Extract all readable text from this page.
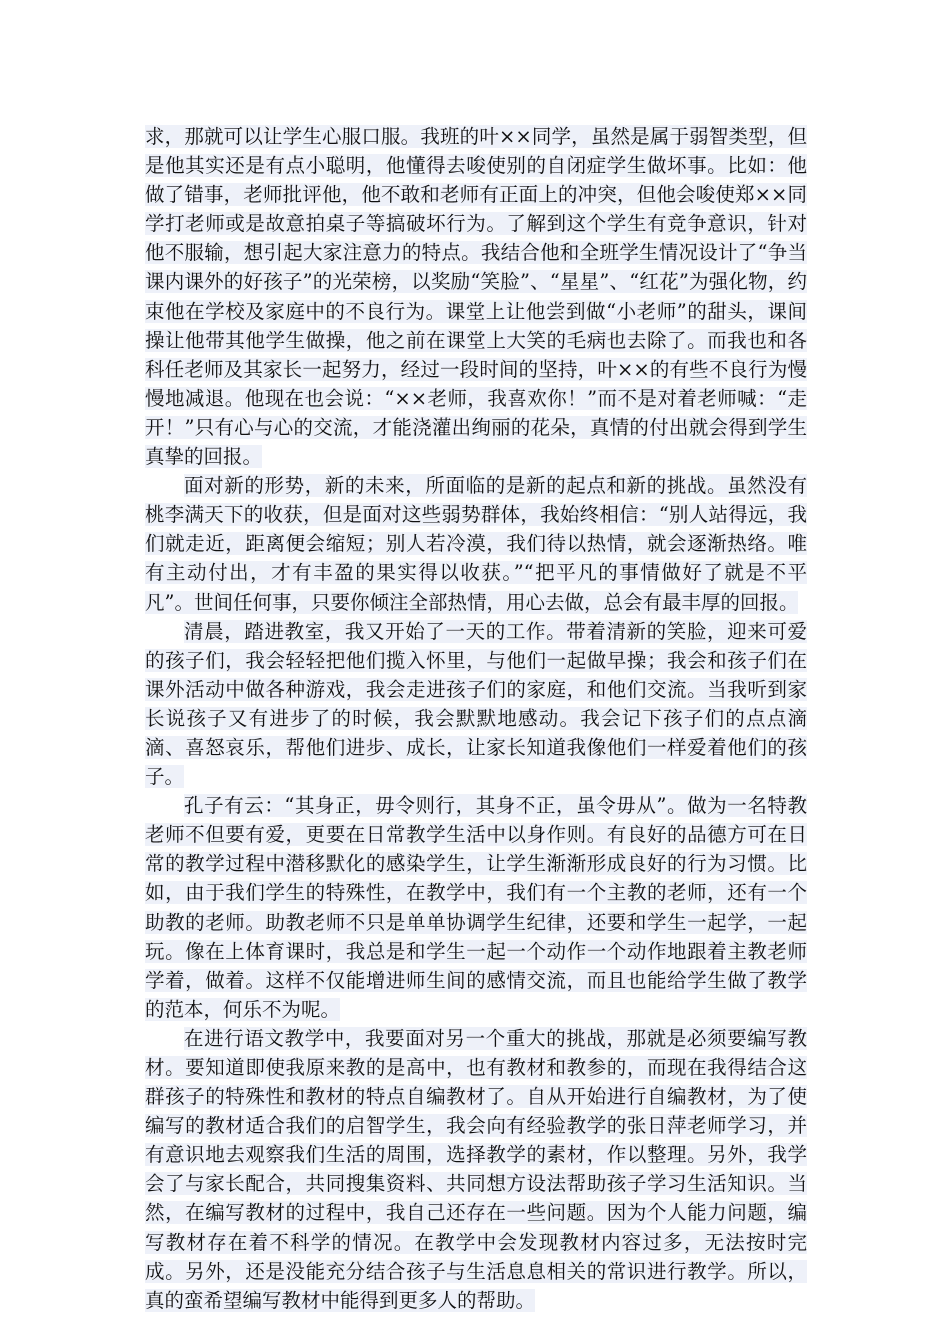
求，那就可以让学生心服口服。我班的叶××同学，虽然是属于弱智类型，但是他其实还是有点小聪明，他懂得去唆使别的自闭症学生做坏事。比如：他做了错事，老师批评他，他不敢和老师有正面上的冲突，但他会唆使郑××同学打老师或是故意拍桌子等搞破坏行为。了解到这个学生有竞争意识，针对他不服输，想引起大家注意力的特点。我结合他和全班学生情况设计了“争当课内课外的好孩子”的光荣榜，以奖励“笑脸”、“星星”、“红花”为强化物，约束他在学校及家庭中的不良行为。课堂上让他尝到做“小老师”的甜头，课间操让他带其他学生做操，他之前在课堂上大笑的毛病也去除了。而我也和各科任老师及其家长一起努力，经过一段时间的坚持，叶××的有些不良行为慢慢地减退。他现在也会说：“××老师，我喜欢你！”而不是对着老师喊：“走开！”只有心与心的交流，才能浇灌出绚丽的花朵，真情的付出就会得到学生真挚的回报。

面对新的形势，新的未来，所面临的是新的起点和新的挑战。虽然没有桃李满天下的收获，但是面对这些弱势群体，我始终相信：“别人站得远，我们就走近，距离便会缩短；别人若冷漠，我们待以热情，就会逐渐热络。唯有主动付出，才有丰盈的果实得以收获。”“把平凡的事情做好了就是不平凡”。世间任何事，只要你倾注全部热情，用心去做，总会有最丰厚的回报。

清晨，踏进教室，我又开始了一天的工作。带着清新的笑脸，迎来可爱的孩子们，我会轻轻把他们揽入怀里，与他们一起做早操；我会和孩子们在课外活动中做各种游戏，我会走进孩子们的家庭，和他们交流。当我听到家长说孩子又有进步了的时候，我会默默地感动。我会记下孩子们的点点滴滴、喜怒哀乐，帮他们进步、成长，让家长知道我像他们一样爱着他们的孩子。

孔子有云：“其身正，毋令则行，其身不正，虽令毋从”。做为一名特教老师不但要有爱，更要在日常教学生活中以身作则。有良好的品德方可在日常的教学过程中潜移默化的感染学生，让学生渐渐形成良好的行为习惯。比如，由于我们学生的特殊性，在教学中，我们有一个主教的老师，还有一个助教的老师。助教老师不只是单单协调学生纪律，还要和学生一起学，一起玩。像在上体育课时，我总是和学生一起一个动作一个动作地跟着主教老师学着，做着。这样不仅能增进师生间的感情交流，而且也能给学生做了教学的范本，何乐不为呢。

在进行语文教学中，我要面对另一个重大的挑战，那就是必须要编写教材。要知道即使我原来教的是高中，也有教材和教参的，而现在我得结合这群孩子的特殊性和教材的特点自编教材了。自从开始进行自编教材，为了使编写的教材适合我们的启智学生，我会向有经验教学的张日萍老师学习，并有意识地去观察我们生活的周围，选择教学的素材，作以整理。另外，我学会了与家长配合，共同搜集资料、共同想方设法帮助孩子学习生活知识。当然，在编写教材的过程中，我自己还存在一些问题。因为个人能力问题，编写教材存在着不科学的情况。在教学中会发现教材内容过多，无法按时完成。另外，还是没能充分结合孩子与生活息息相关的常识进行教学。所以，真的蛮希望编写教材中能得到更多人的帮助。
